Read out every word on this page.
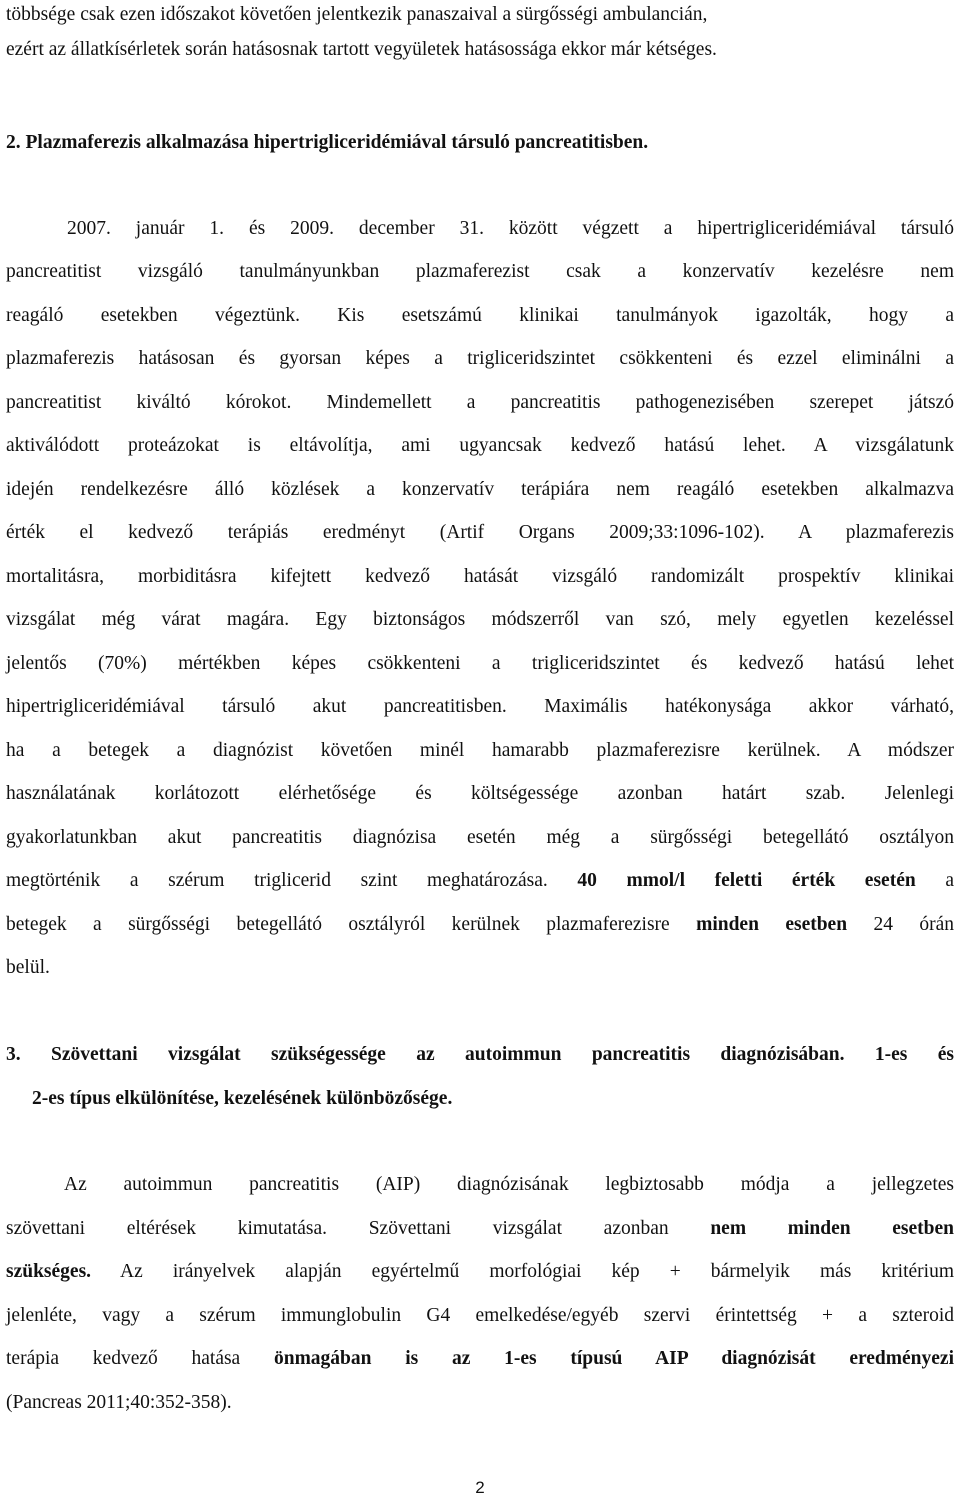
többsége csak ezen időszakot követően jelentkezik panaszaival a sürgősségi ambulancián,
ezért az állatkísérletek során hatásosnak tartott vegyületek hatásossága ekkor már kétséges.
2. Plazmaferezis alkalmazása hipertrigliceridémiával társuló pancreatitisben.
2007. január 1. és 2009. december 31. között végzett a hipertrigliceridémiával társuló
pancreatitist vizsgáló tanulmányunkban plazmaferezist csak a konzervatív kezelésre nem
reagáló esetekben végeztünk. Kis esetszámú klinikai tanulmányok igazolták, hogy a
plazmaferezis hatásosan és gyorsan képes a trigliceridszintet csökkenteni és ezzel eliminálni a
pancreatitist kiváltó kórokot. Mindemellett a pancreatitis pathogenezisében szerepet játszó
aktiválódott proteázokat is eltávolítja, ami ugyancsak kedvező hatású lehet. A vizsgálatunk
idején rendelkezésre álló közlések a konzervatív terápiára nem reagáló esetekben alkalmazva
érték el kedvező terápiás eredményt (Artif Organs 2009;33:1096-102). A plazmaferezis
mortalitásra, morbiditásra kifejtett kedvező hatását vizsgáló randomizált prospektív klinikai
vizsgálat még várat magára. Egy biztonságos módszerről van szó, mely egyetlen kezeléssel
jelentős (70%) mértékben képes csökkenteni a trigliceridszintet és kedvező hatású lehet
hipertrigliceridémiával társuló akut pancreatitisben. Maximális hatékonysága akkor várható,
ha a betegek a diagnózist követően minél hamarabb plazmaferezisre kerülnek. A módszer
használatának korlátozott elérhetősége és költségessége azonban határt szab. Jelenlegi
gyakorlatunkban akut pancreatitis diagnózisa esetén még a sürgősségi betegellátó osztályon
megtörténik a szérum triglicerid szint meghatározása. 40 mmol/l feletti érték esetén a
betegek a sürgősségi betegellátó osztályról kerülnek plazmaferezisre minden esetben 24 órán
belül.
3. Szövettani vizsgálat szükségessége az autoimmun pancreatitis diagnózisában. 1-es és
2-es típus elkülönítése, kezelésének különbözősége.
Az autoimmun pancreatitis (AIP) diagnózisának legbiztosabb módja a jellegzetes
szövettani eltérések kimutatása. Szövettani vizsgálat azonban nem minden esetben
szükséges. Az irányelvek alapján egyértelmű morfológiai kép + bármelyik más kritérium
jelenléte, vagy a szérum immunglobulin G4 emelkedése/egyéb szervi érintettség + a szteroid
terápia kedvező hatása önmagában is az 1-es típusú AIP diagnózisát eredményezi
(Pancreas 2011;40:352-358).
2
